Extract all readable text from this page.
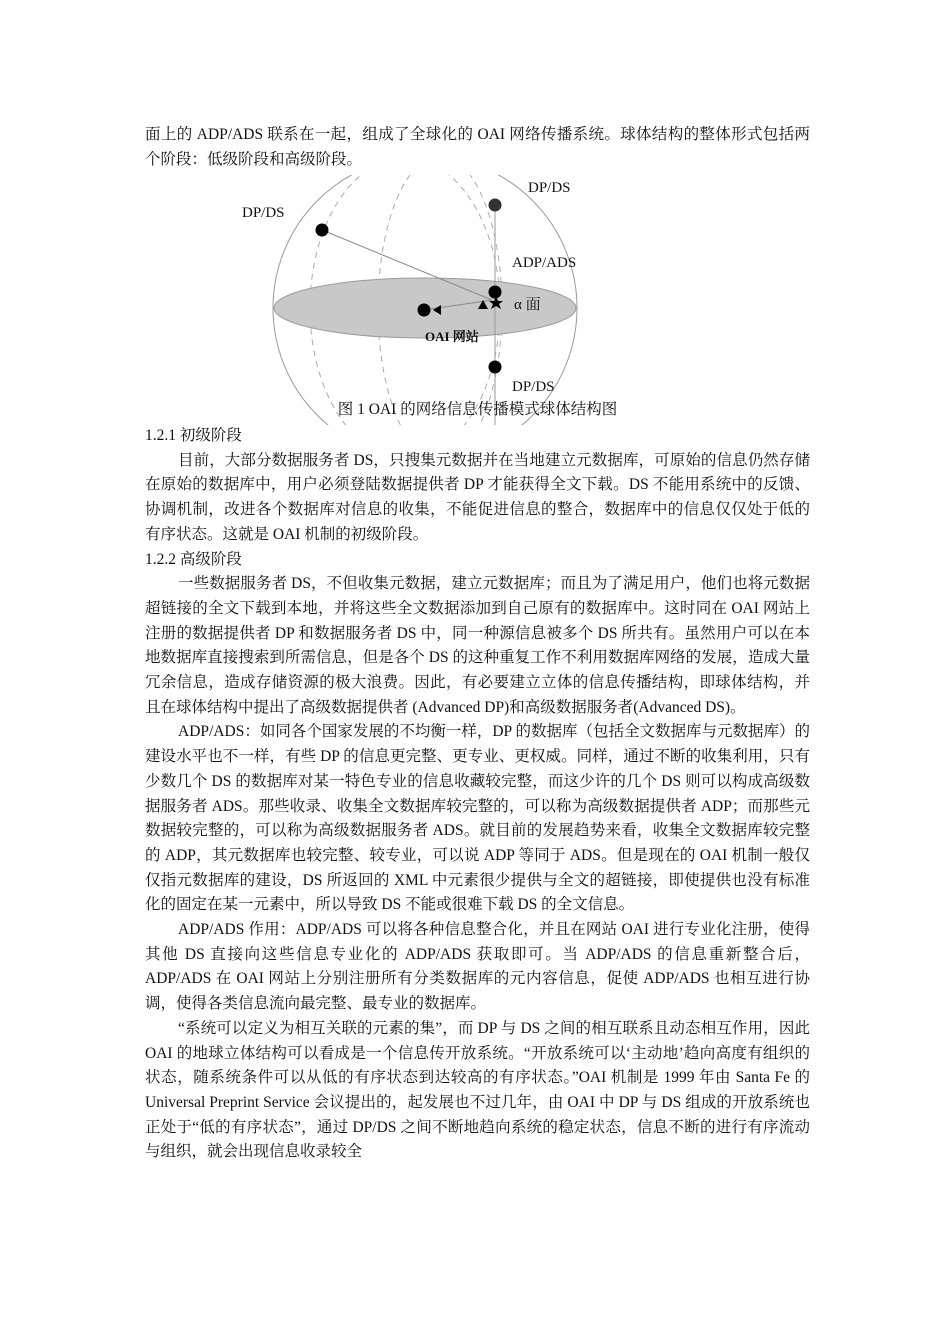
面上的 ADP/ADS 联系在一起，组成了全球化的 OAI 网络传播系统。球体结构的整体形式包括两个阶段：低级阶段和高级阶段。

DP/DS
DP/DS
ADP/ADS
α 面
OAI 网站
DP/DS
图 1 OAI 的网络信息传播模式球体结构图

1.2.1 初级阶段

目前，大部分数据服务者 DS，只搜集元数据并在当地建立元数据库，可原始的信息仍然存储在原始的数据库中，用户必须登陆数据提供者 DP 才能获得全文下载。DS 不能用系统中的反馈、协调机制，改进各个数据库对信息的收集，不能促进信息的整合，数据库中的信息仅仅处于低的有序状态。这就是 OAI 机制的初级阶段。

1.2.2 高级阶段

一些数据服务者 DS，不但收集元数据，建立元数据库；而且为了满足用户，他们也将元数据超链接的全文下载到本地，并将这些全文数据添加到自己原有的数据库中。这时同在 OAI 网站上注册的数据提供者 DP 和数据服务者 DS 中，同一种源信息被多个 DS 所共有。虽然用户可以在本地数据库直接搜索到所需信息，但是各个 DS 的这种重复工作不利用数据库网络的发展，造成大量冗余信息，造成存储资源的极大浪费。因此，有必要建立立体的信息传播结构，即球体结构，并且在球体结构中提出了高级数据提供者 (Advanced DP)和高级数据服务者(Advanced DS)。

ADP/ADS：如同各个国家发展的不均衡一样，DP 的数据库（包括全文数据库与元数据库）的建设水平也不一样，有些 DP 的信息更完整、更专业、更权威。同样，通过不断的收集利用，只有少数几个 DS 的数据库对某一特色专业的信息收藏较完整，而这少许的几个 DS 则可以构成高级数据服务者 ADS。那些收录、收集全文数据库较完整的，可以称为高级数据提供者 ADP；而那些元数据较完整的，可以称为高级数据服务者 ADS。就目前的发展趋势来看，收集全文数据库较完整的 ADP，其元数据库也较完整、较专业，可以说 ADP 等同于 ADS。但是现在的 OAI 机制一般仅仅指元数据库的建设，DS 所返回的 XML 中元素很少提供与全文的超链接，即使提供也没有标准化的固定在某一元素中，所以导致 DS 不能或很难下载 DS 的全文信息。

ADP/ADS 作用：ADP/ADS 可以将各种信息整合化，并且在网站 OAI 进行专业化注册，使得其他 DS 直接向这些信息专业化的 ADP/ADS 获取即可。当 ADP/ADS 的信息重新整合后，ADP/ADS 在 OAI 网站上分别注册所有分类数据库的元内容信息，促使 ADP/ADS 也相互进行协调，使得各类信息流向最完整、最专业的数据库。

“系统可以定义为相互关联的元素的集”，而 DP 与 DS 之间的相互联系且动态相互作用，因此 OAI 的地球立体结构可以看成是一个信息传开放系统。“开放系统可以‘主动地’趋向高度有组织的状态，随系统条件可以从低的有序状态到达较高的有序状态。”OAI 机制是 1999 年由 Santa Fe 的 Universal Preprint Service 会议提出的，起发展也不过几年，由 OAI 中 DP 与 DS 组成的开放系统也正处于“低的有序状态”，通过 DP/DS 之间不断地趋向系统的稳定状态，信息不断的进行有序流动与组织，就会出现信息收录较全
